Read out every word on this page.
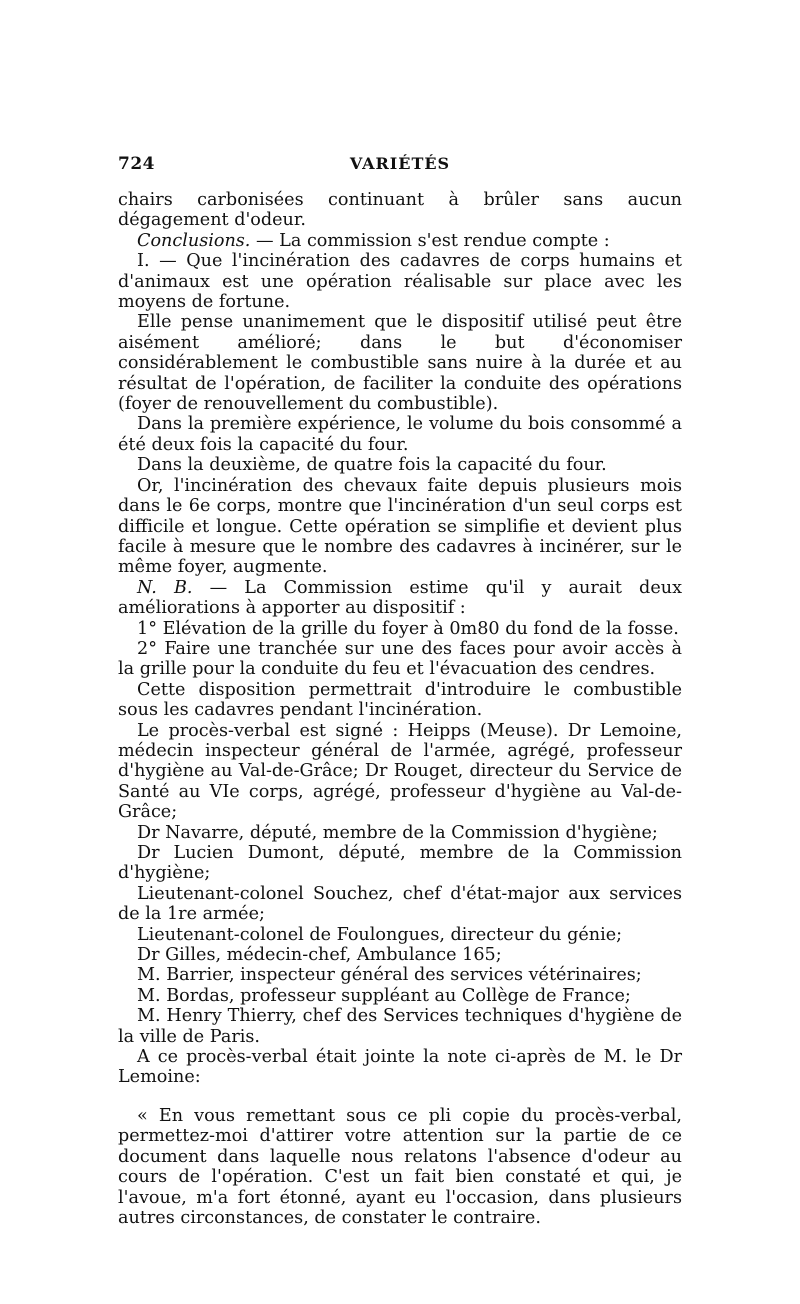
724	VARIÉTÉS

chairs carbonisées continuant à brûler sans aucun dégagement d'odeur.

Conclusions. — La commission s'est rendue compte :

I. — Que l'incinération des cadavres de corps humains et d'animaux est une opération réalisable sur place avec les moyens de fortune.

Elle pense unanimement que le dispositif utilisé peut être aisément amélioré; dans le but d'économiser considérablement le combustible sans nuire à la durée et au résultat de l'opération, de faciliter la conduite des opérations (foyer de renouvellement du combustible).

Dans la première expérience, le volume du bois consommé a été deux fois la capacité du four.

Dans la deuxième, de quatre fois la capacité du four.

Or, l'incinération des chevaux faite depuis plusieurs mois dans le 6e corps, montre que l'incinération d'un seul corps est difficile et longue. Cette opération se simplifie et devient plus facile à mesure que le nombre des cadavres à incinérer, sur le même foyer, augmente.

N. B. — La Commission estime qu'il y aurait deux améliorations à apporter au dispositif :

1° Elévation de la grille du foyer à 0m80 du fond de la fosse.

2° Faire une tranchée sur une des faces pour avoir accès à la grille pour la conduite du feu et l'évacuation des cendres.

Cette disposition permettrait d'introduire le combustible sous les cadavres pendant l'incinération.

Le procès-verbal est signé : Heipps (Meuse). Dr Lemoine, médecin inspecteur général de l'armée, agrégé, professeur d'hygiène au Val-de-Grâce; Dr Rouget, directeur du Service de Santé au VIe corps, agrégé, professeur d'hygiène au Val-de-Grâce;

Dr Navarre, député, membre de la Commission d'hygiène;

Dr Lucien Dumont, député, membre de la Commission d'hygiène;

Lieutenant-colonel Souchez, chef d'état-major aux services de la 1re armée;

Lieutenant-colonel de Foulongues, directeur du génie;

Dr Gilles, médecin-chef, Ambulance 165;

M. Barrier, inspecteur général des services vétérinaires;

M. Bordas, professeur suppléant au Collège de France;

M. Henry Thierry, chef des Services techniques d'hygiène de la ville de Paris.

A ce procès-verbal était jointe la note ci-après de M. le Dr Lemoine:

« En vous remettant sous ce pli copie du procès-verbal, permettez-moi d'attirer votre attention sur la partie de ce document dans laquelle nous relatons l'absence d'odeur au cours de l'opération. C'est un fait bien constaté et qui, je l'avoue, m'a fort étonné, ayant eu l'occasion, dans plusieurs autres circonstances, de constater le contraire.
